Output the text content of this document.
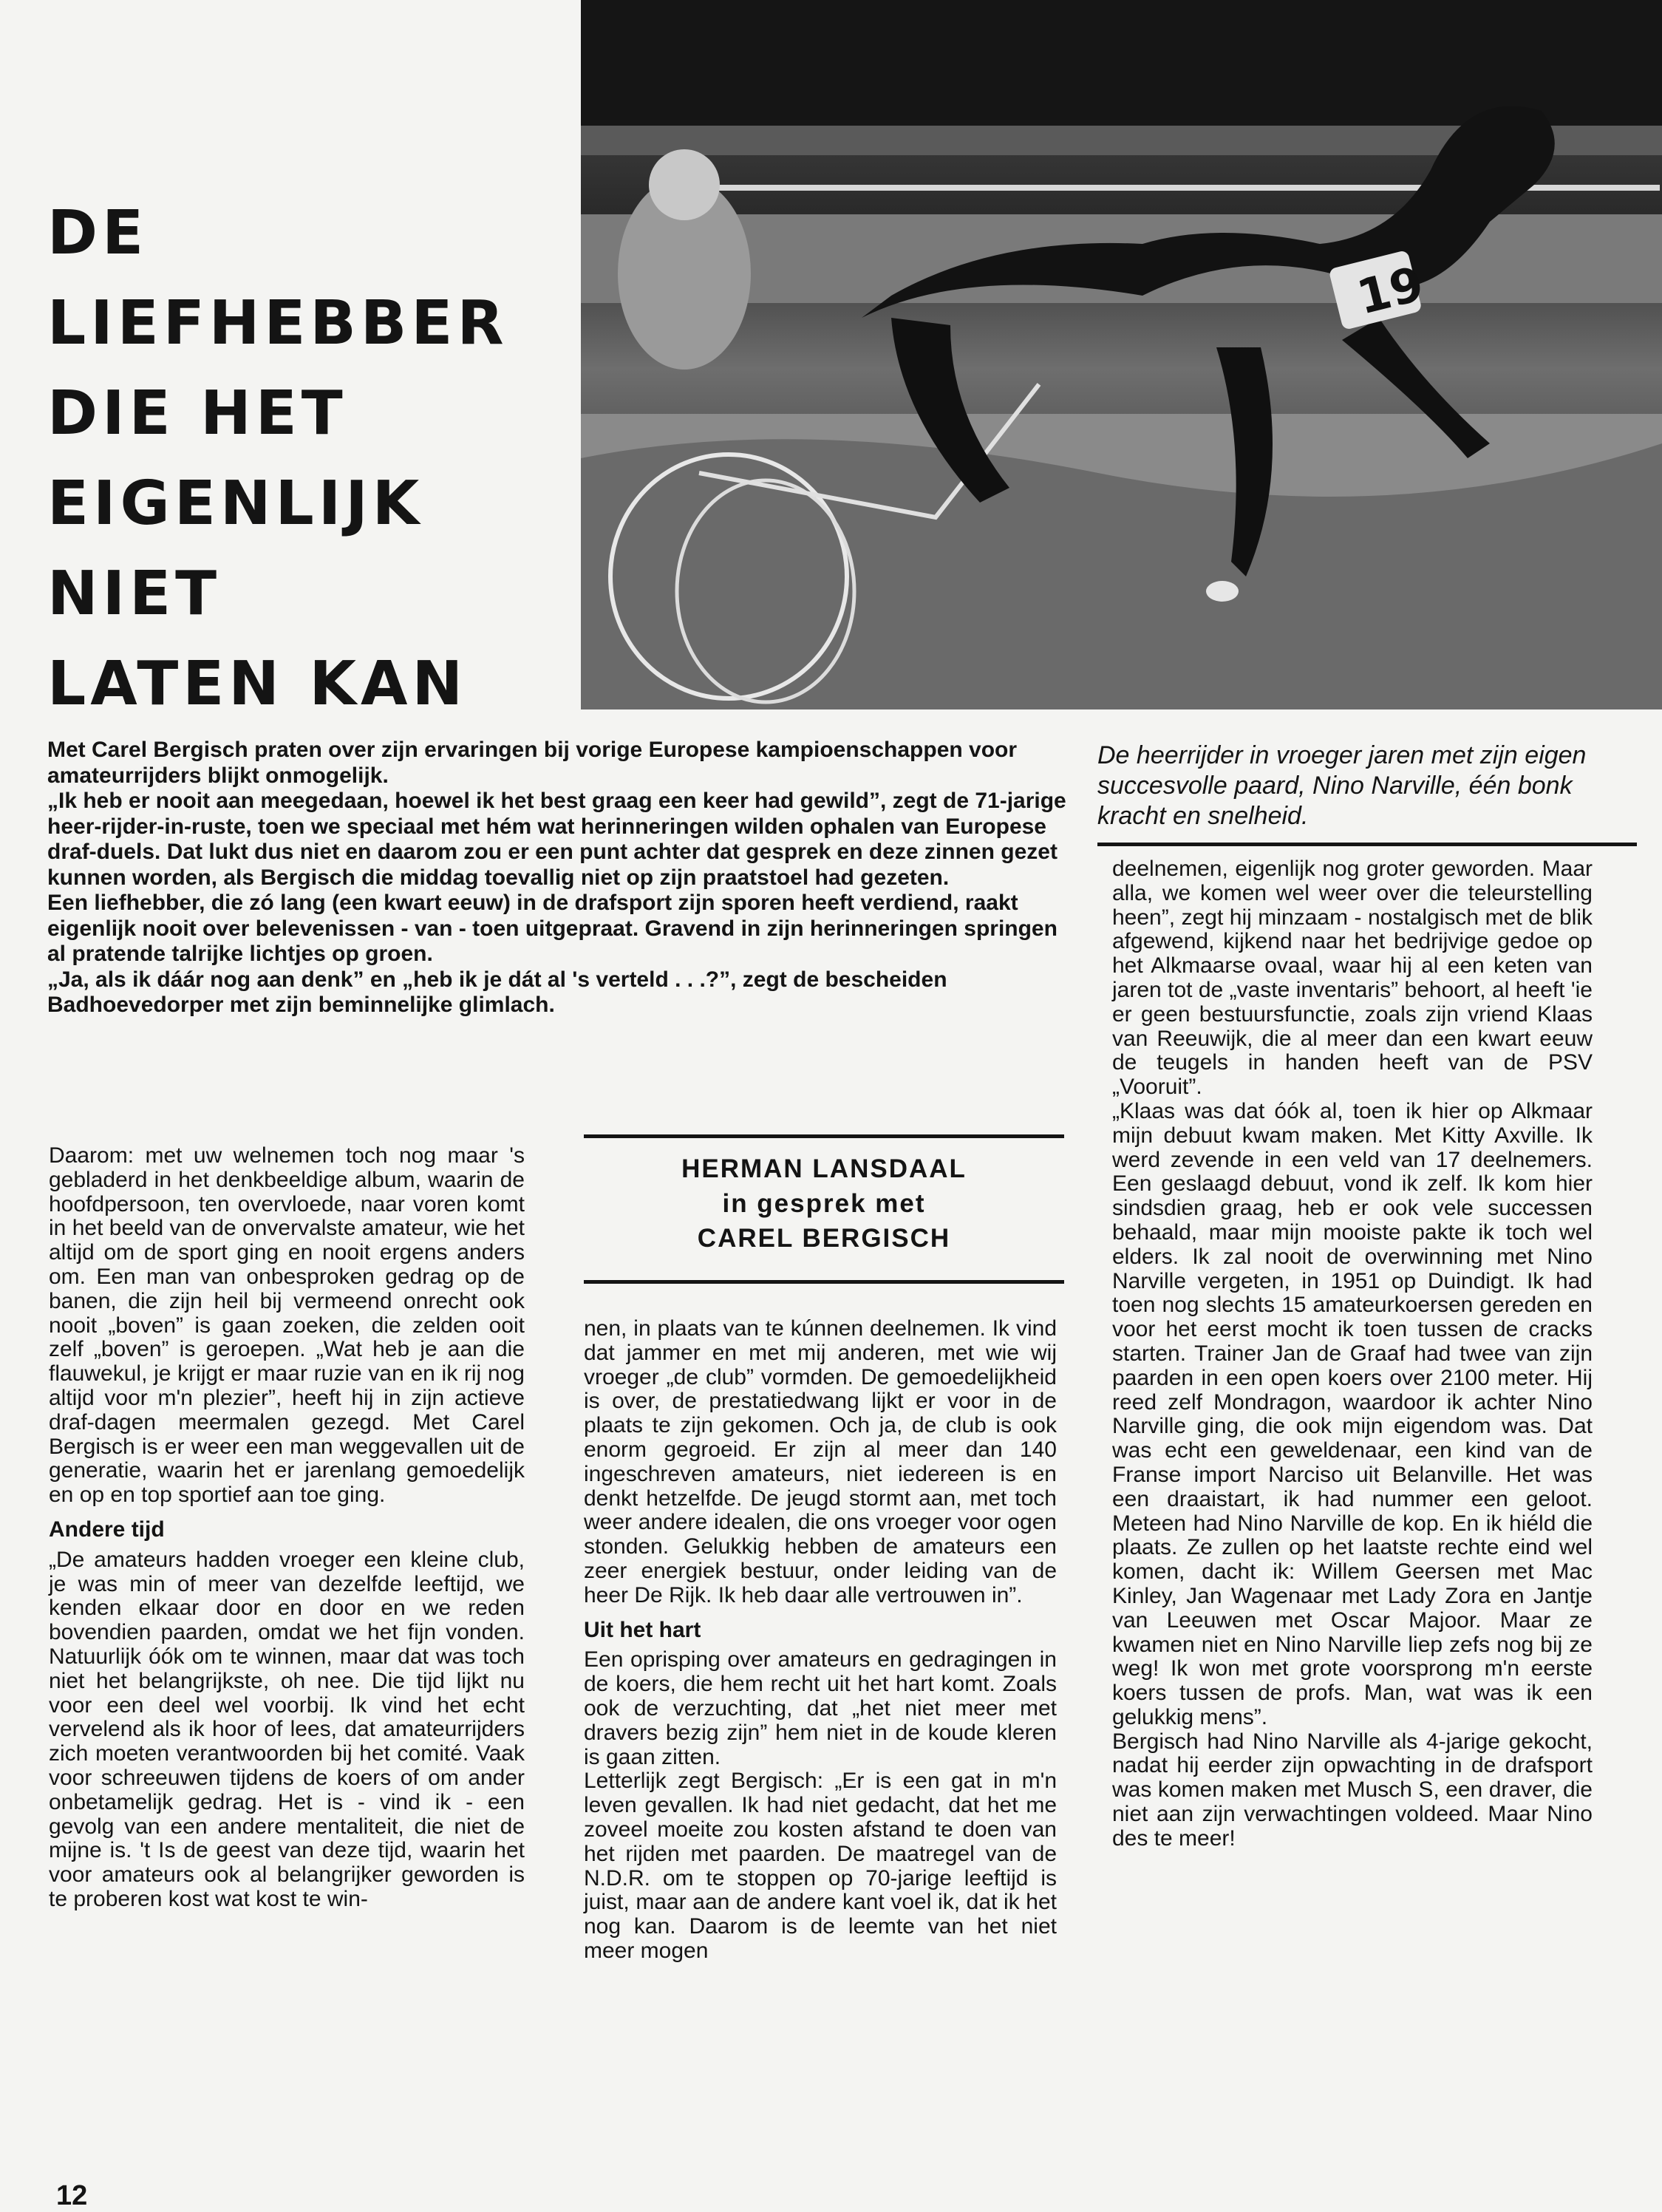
DE
LIEFHEBBER
DIE HET
EIGENLIJK
NIET
LATEN KAN
19

Met Carel Bergisch praten over zijn ervaringen bij vorige Europese kampioenschappen voor amateurrijders blijkt onmogelijk.

„Ik heb er nooit aan meegedaan, hoewel ik het best graag een keer had gewild”, zegt de 71-jarige heer-rijder-in-ruste, toen we speciaal met hém wat herinneringen wilden ophalen van Europese draf-duels. Dat lukt dus niet en daarom zou er een punt achter dat gesprek en deze zinnen gezet kunnen worden, als Bergisch die middag toevallig niet op zijn praatstoel had gezeten.

Een liefhebber, die zó lang (een kwart eeuw) in de drafsport zijn sporen heeft verdiend, raakt eigenlijk nooit over belevenissen - van - toen uitgepraat. Gravend in zijn herinneringen springen al pratende talrijke lichtjes op groen.

„Ja, als ik dáár nog aan denk” en „heb ik je dát al 's verteld . . .?”, zegt de bescheiden Badhoevedorper met zijn beminnelijke glimlach.

De heerrijder in vroeger jaren met zijn eigen succesvolle paard, Nino Narville, één bonk kracht en snelheid.
HERMAN LANSDAAL
in gesprek met
CAREL BERGISCH

Daarom: met uw welnemen toch nog maar 's gebladerd in het denkbeeldige album, waarin de hoofdpersoon, ten overvloede, naar voren komt in het beeld van de onvervalste amateur, wie het altijd om de sport ging en nooit ergens anders om. Een man van onbesproken gedrag op de banen, die zijn heil bij vermeend onrecht ook nooit „boven” is gaan zoeken, die zelden ooit zelf „boven” is geroepen. „Wat heb je aan die flauwekul, je krijgt er maar ruzie van en ik rij nog altijd voor m'n plezier”, heeft hij in zijn actieve draf-dagen meermalen gezegd. Met Carel Bergisch is er weer een man weggevallen uit de generatie, waarin het er jarenlang gemoedelijk en op en top sportief aan toe ging.

Andere tijd

„De amateurs hadden vroeger een kleine club, je was min of meer van dezelfde leeftijd, we kenden elkaar door en door en we reden bovendien paarden, omdat we het fijn vonden. Natuurlijk óók om te winnen, maar dat was toch niet het belangrijkste, oh nee. Die tijd lijkt nu voor een deel wel voorbij. Ik vind het echt vervelend als ik hoor of lees, dat amateurrijders zich moeten verantwoorden bij het comité. Vaak voor schreeuwen tijdens de koers of om ander onbetamelijk gedrag. Het is - vind ik - een gevolg van een andere mentaliteit, die niet de mijne is. 't Is de geest van deze tijd, waarin het voor amateurs ook al belangrijker geworden is te proberen kost wat kost te win-

nen, in plaats van te kúnnen deelnemen. Ik vind dat jammer en met mij anderen, met wie wij vroeger „de club” vormden. De gemoedelijkheid is over, de prestatiedwang lijkt er voor in de plaats te zijn gekomen. Och ja, de club is ook enorm gegroeid. Er zijn al meer dan 140 ingeschreven amateurs, niet iedereen is en denkt hetzelfde. De jeugd stormt aan, met toch weer andere idealen, die ons vroeger voor ogen stonden. Gelukkig hebben de amateurs een zeer energiek bestuur, onder leiding van de heer De Rijk. Ik heb daar alle vertrouwen in”.

Uit het hart

Een oprisping over amateurs en gedragingen in de koers, die hem recht uit het hart komt. Zoals ook de verzuchting, dat „het niet meer met dravers bezig zijn” hem niet in de koude kleren is gaan zitten.

Letterlijk zegt Bergisch: „Er is een gat in m'n leven gevallen. Ik had niet gedacht, dat het me zoveel moeite zou kosten afstand te doen van het rijden met paarden. De maatregel van de N.D.R. om te stoppen op 70-jarige leeftijd is juist, maar aan de andere kant voel ik, dat ik het nog kan. Daarom is de leemte van het niet meer mogen

deelnemen, eigenlijk nog groter geworden. Maar alla, we komen wel weer over die teleurstelling heen”, zegt hij minzaam - nostalgisch met de blik afgewend, kijkend naar het bedrijvige gedoe op het Alkmaarse ovaal, waar hij al een keten van jaren tot de „vaste inventaris” behoort, al heeft 'ie er geen bestuursfunctie, zoals zijn vriend Klaas van Reeuwijk, die al meer dan een kwart eeuw de teugels in handen heeft van de PSV „Vooruit”.

„Klaas was dat óók al, toen ik hier op Alkmaar mijn debuut kwam maken. Met Kitty Axville. Ik werd zevende in een veld van 17 deelnemers. Een geslaagd debuut, vond ik zelf. Ik kom hier sindsdien graag, heb er ook vele successen behaald, maar mijn mooiste pakte ik toch wel elders. Ik zal nooit de overwinning met Nino Narville vergeten, in 1951 op Duindigt. Ik had toen nog slechts 15 amateurkoersen gereden en voor het eerst mocht ik toen tussen de cracks starten. Trainer Jan de Graaf had twee van zijn paarden in een open koers over 2100 meter. Hij reed zelf Mondragon, waardoor ik achter Nino Narville ging, die ook mijn eigendom was. Dat was echt een geweldenaar, een kind van de Franse import Narciso uit Belanville. Het was een draaistart, ik had nummer een geloot. Meteen had Nino Narville de kop. En ik hiéld die plaats. Ze zullen op het laatste rechte eind wel komen, dacht ik: Willem Geersen met Mac Kinley, Jan Wagenaar met Lady Zora en Jantje van Leeuwen met Oscar Majoor. Maar ze kwamen niet en Nino Narville liep zefs nog bij ze weg! Ik won met grote voorsprong m'n eerste koers tussen de profs. Man, wat was ik een gelukkig mens”.

Bergisch had Nino Narville als 4-jarige gekocht, nadat hij eerder zijn opwachting in de drafsport was komen maken met Musch S, een draver, die niet aan zijn verwachtingen voldeed. Maar Nino des te meer!

12
